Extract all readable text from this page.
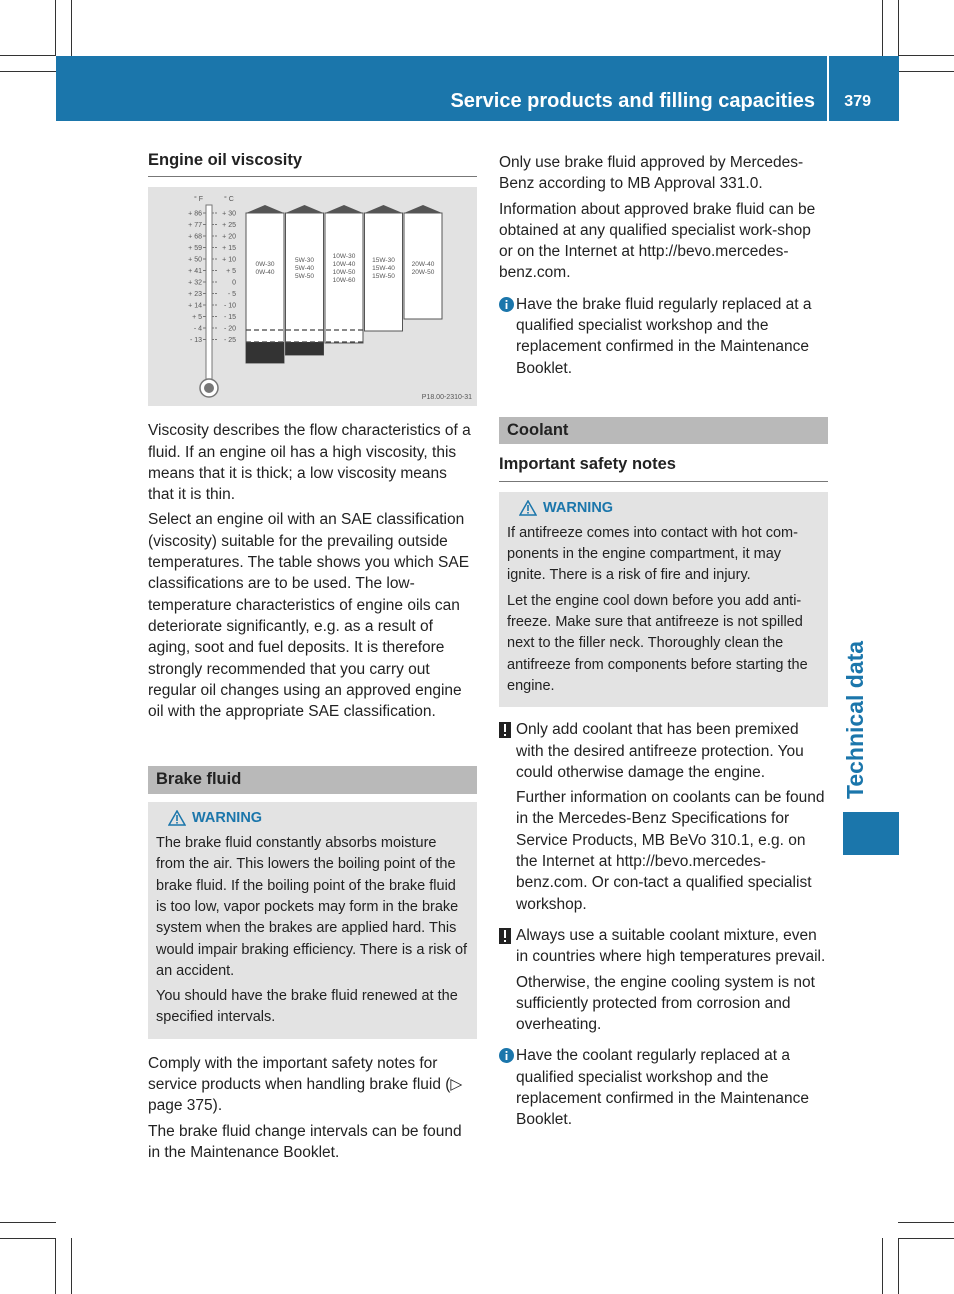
Service products and filling capacities 379
Technical data
Engine oil viscosity
° F	° C
+ 86	+ 30
+ 77	+ 25
+ 68	+ 20
+ 59	+ 15
+ 50	+ 10
+ 41	+ 5
+ 32	0
+ 23	- 5
+ 14	- 10
+ 5	- 15
- 4	- 20
- 13	- 25
0W-30
0W-40
5W-30
5W-40
5W-50
10W-30
10W-40
10W-50
10W-60
15W-30
15W-40
15W-50
20W-40
20W-50
P18.00-2310-31

Viscosity describes the flow characteristics of a fluid. If an engine oil has a high viscosity, this means that it is thick; a low viscosity means that it is thin.

Select an engine oil with an SAE classification (viscosity) suitable for the prevailing outside temperatures. The table shows you which SAE classifications are to be used. The low-temperature characteristics of engine oils can deteriorate significantly, e.g. as a result of aging, soot and fuel deposits. It is therefore strongly recommended that you carry out regular oil changes using an approved engine oil with the appropriate SAE classification.

Brake fluid
WARNING

The brake fluid constantly absorbs moisture from the air. This lowers the boiling point of the brake fluid. If the boiling point of the brake fluid is too low, vapor pockets may form in the brake system when the brakes are applied hard. This would impair braking efficiency. There is a risk of an accident.

You should have the brake fluid renewed at the specified intervals.

Comply with the important safety notes for service products when handling brake fluid (▷ page 375).

The brake fluid change intervals can be found in the Maintenance Booklet.

Only use brake fluid approved by Mercedes-Benz according to MB Approval 331.0.

Information about approved brake fluid can be obtained at any qualified specialist work-shop or on the Internet at http://bevo.mercedes-benz.com.

Have the brake fluid regularly replaced at a qualified specialist workshop and the replacement confirmed in the Maintenance Booklet.

Coolant
Important safety notes
WARNING

If antifreeze comes into contact with hot com-ponents in the engine compartment, it may ignite. There is a risk of fire and injury.

Let the engine cool down before you add anti-freeze. Make sure that antifreeze is not spilled next to the filler neck. Thoroughly clean the antifreeze from components before starting the engine.

Only add coolant that has been premixed with the desired antifreeze protection. You could otherwise damage the engine.

Further information on coolants can be found in the Mercedes-Benz Specifications for Service Products, MB BeVo 310.1, e.g. on the Internet at http://bevo.mercedes-benz.com. Or con-tact a qualified specialist workshop.

Always use a suitable coolant mixture, even in countries where high temperatures prevail.

Otherwise, the engine cooling system is not sufficiently protected from corrosion and overheating.

Have the coolant regularly replaced at a qualified specialist workshop and the replacement confirmed in the Maintenance Booklet.
